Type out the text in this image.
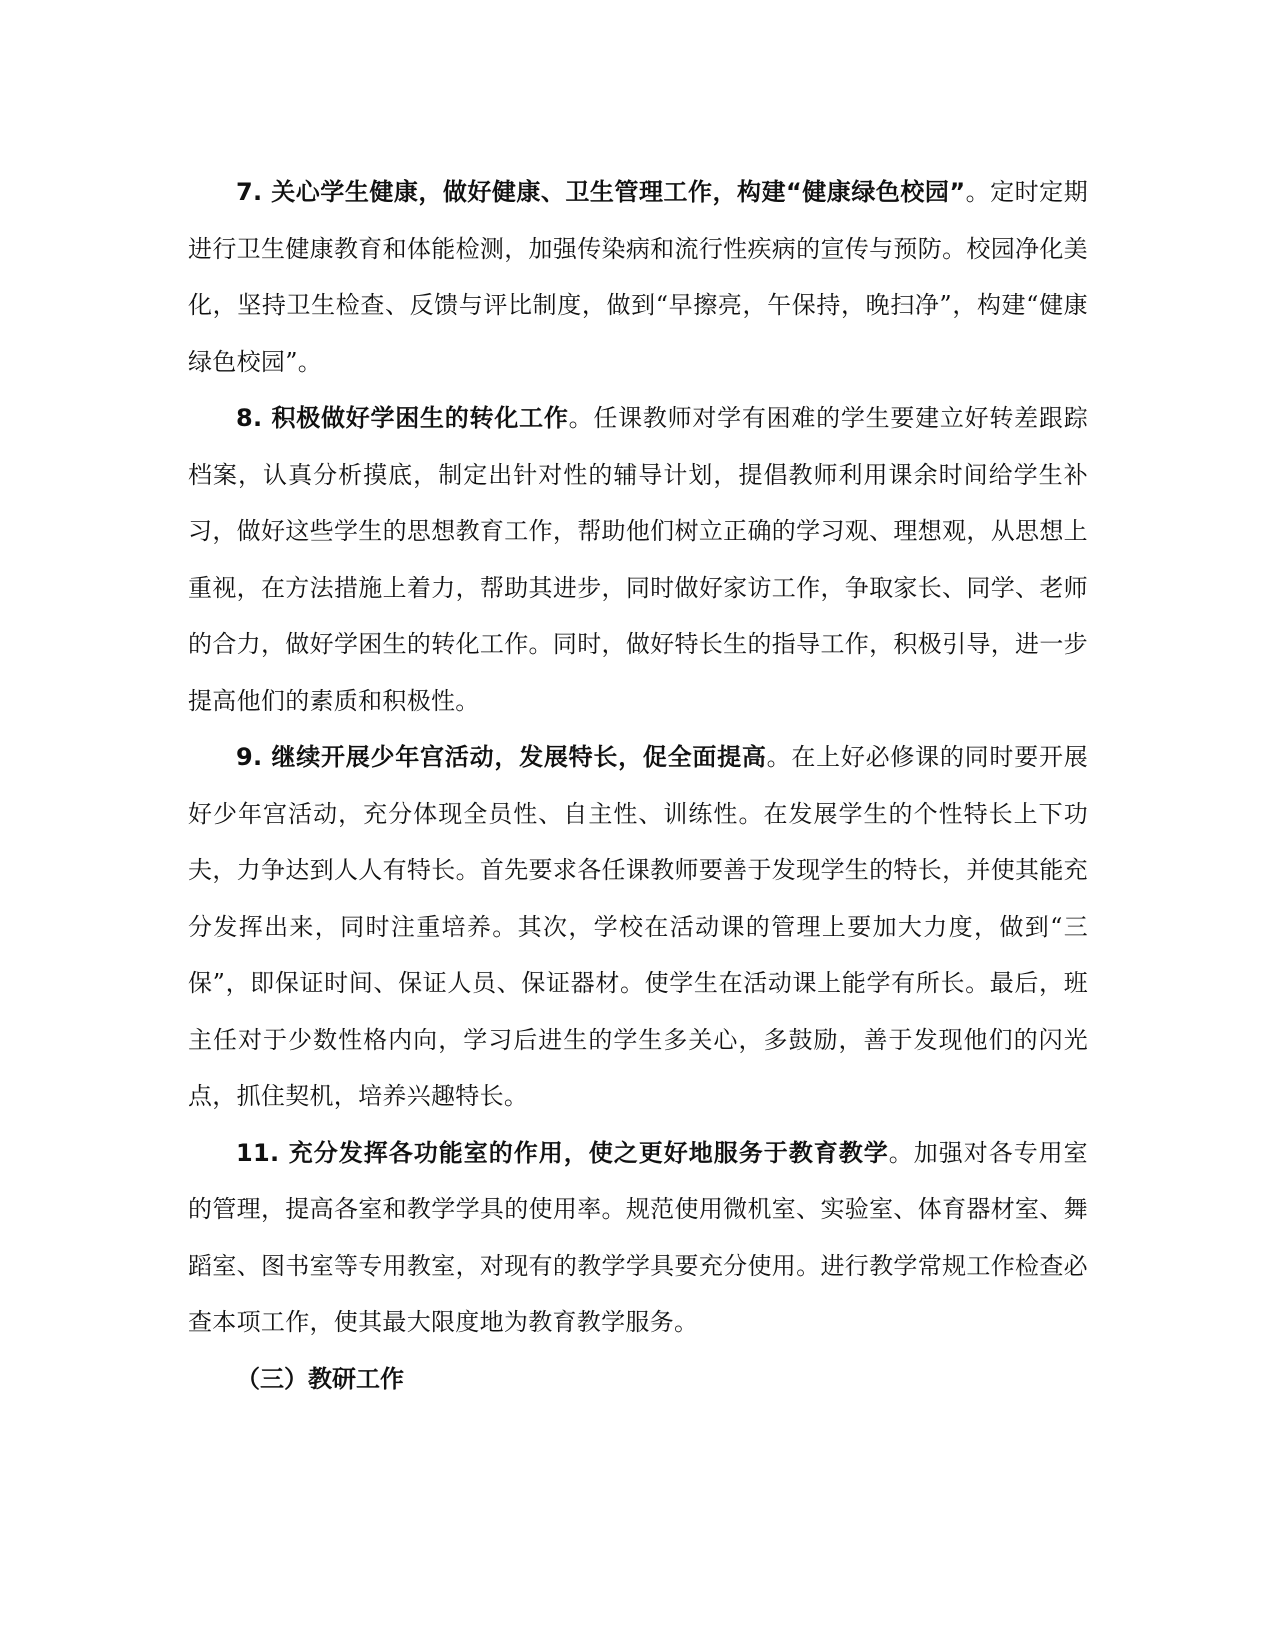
7. 关心学生健康，做好健康、卫生管理工作，构建“健康绿色校园”。定时定期进行卫生健康教育和体能检测，加强传染病和流行性疾病的宣传与预防。校园净化美化，坚持卫生检查、反馈与评比制度，做到“早擦亮，午保持，晚扫净”，构建“健康绿色校园”。

8. 积极做好学困生的转化工作。任课教师对学有困难的学生要建立好转差跟踪档案，认真分析摸底，制定出针对性的辅导计划，提倡教师利用课余时间给学生补习，做好这些学生的思想教育工作，帮助他们树立正确的学习观、理想观，从思想上重视，在方法措施上着力，帮助其进步，同时做好家访工作，争取家长、同学、老师的合力，做好学困生的转化工作。同时，做好特长生的指导工作，积极引导，进一步提高他们的素质和积极性。

9. 继续开展少年宫活动，发展特长，促全面提高。在上好必修课的同时要开展好少年宫活动，充分体现全员性、自主性、训练性。在发展学生的个性特长上下功夫，力争达到人人有特长。首先要求各任课教师要善于发现学生的特长，并使其能充分发挥出来，同时注重培养。其次，学校在活动课的管理上要加大力度，做到“三保”，即保证时间、保证人员、保证器材。使学生在活动课上能学有所长。最后，班主任对于少数性格内向，学习后进生的学生多关心，多鼓励，善于发现他们的闪光点，抓住契机，培养兴趣特长。

11. 充分发挥各功能室的作用，使之更好地服务于教育教学。加强对各专用室的管理，提高各室和教学学具的使用率。规范使用微机室、实验室、体育器材室、舞蹈室、图书室等专用教室，对现有的教学学具要充分使用。进行教学常规工作检查必查本项工作，使其最大限度地为教育教学服务。

（三）教研工作
